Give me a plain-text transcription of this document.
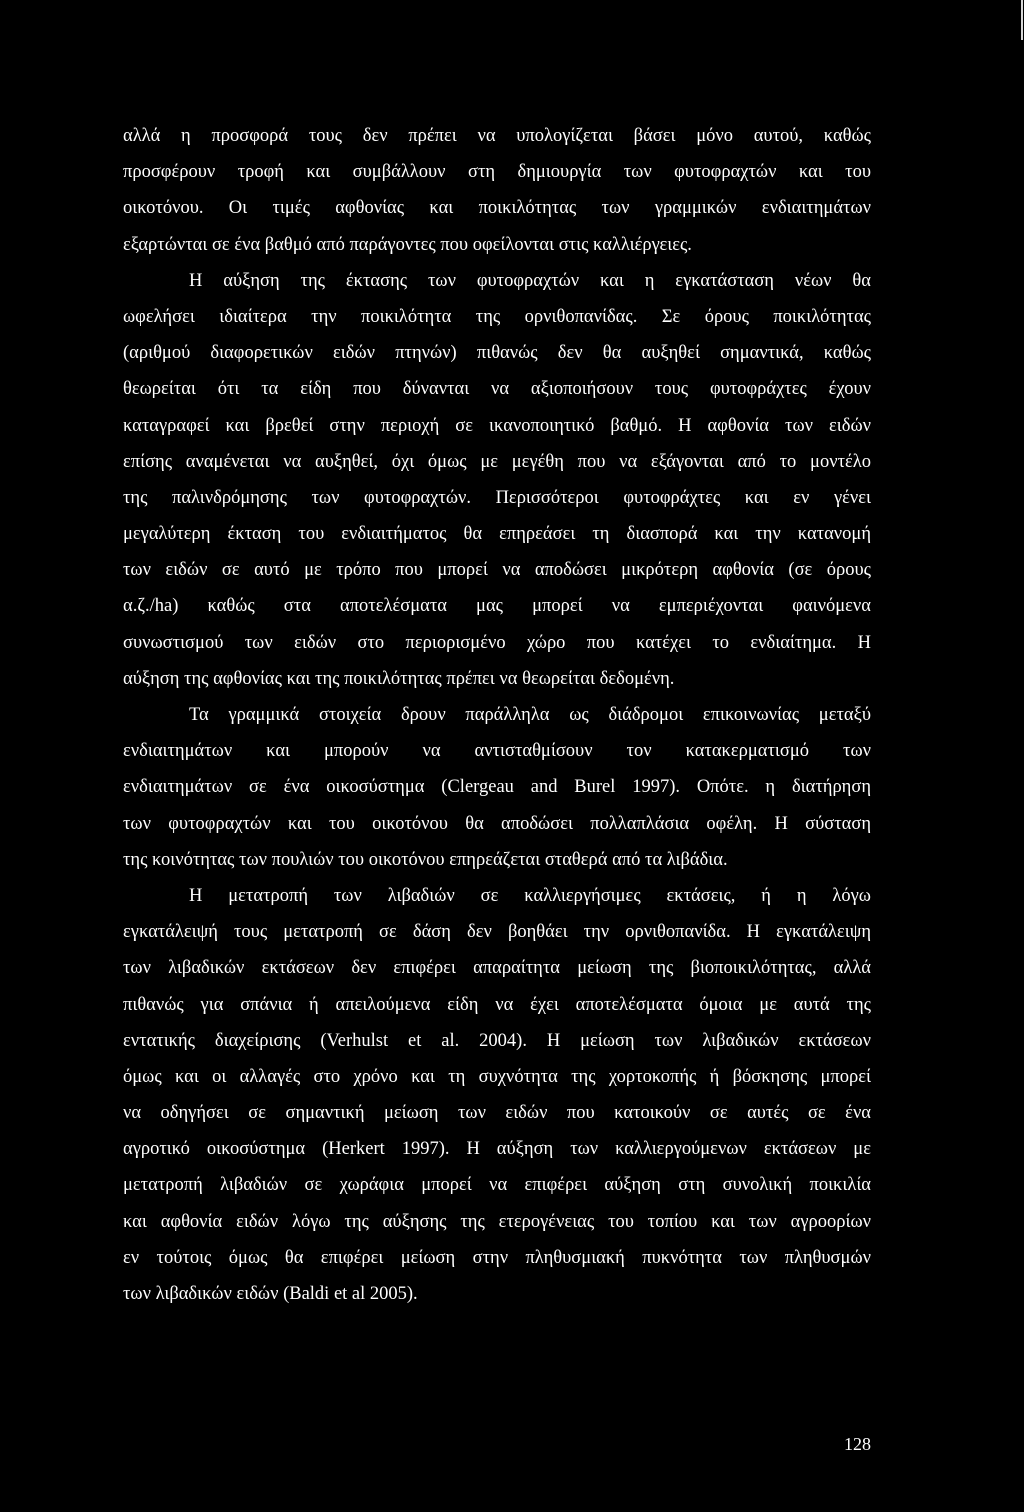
αλλά η προσφορά τους δεν πρέπει να υπολογίζεται βάσει μόνο αυτού, καθώς
προσφέρουν τροφή και συμβάλλουν στη δημιουργία των φυτοφραχτών και του
οικοτόνου. Οι τιμές αφθονίας και ποικιλότητας των γραμμικών ενδιαιτημάτων
εξαρτώνται σε ένα βαθμό από παράγοντες που οφείλονται στις καλλιέργειες.
Η αύξηση της έκτασης των φυτοφραχτών και η εγκατάσταση νέων θα
ωφελήσει ιδιαίτερα την ποικιλότητα της ορνιθοπανίδας. Σε όρους ποικιλότητας
(αριθμού διαφορετικών ειδών πτηνών) πιθανώς δεν θα αυξηθεί σημαντικά, καθώς
θεωρείται ότι τα είδη που δύνανται να αξιοποιήσουν τους φυτοφράχτες έχουν
καταγραφεί και βρεθεί στην περιοχή σε ικανοποιητικό βαθμό. Η αφθονία των ειδών
επίσης αναμένεται να αυξηθεί, όχι όμως με μεγέθη που να εξάγονται από το μοντέλο
της παλινδρόμησης των φυτοφραχτών. Περισσότεροι φυτοφράχτες και εν γένει
μεγαλύτερη έκταση του ενδιαιτήματος θα επηρεάσει τη διασπορά και την κατανομή
των ειδών σε αυτό με τρόπο που μπορεί να αποδώσει μικρότερη αφθονία (σε όρους
α.ζ./ha) καθώς στα αποτελέσματα μας μπορεί να εμπεριέχονται φαινόμενα
συνωστισμού των ειδών στο περιορισμένο χώρο που κατέχει το ενδιαίτημα. Η
αύξηση της αφθονίας και της ποικιλότητας πρέπει να θεωρείται δεδομένη.
Τα γραμμικά στοιχεία δρουν παράλληλα ως διάδρομοι επικοινωνίας μεταξύ
ενδιαιτημάτων και μπορούν να αντισταθμίσουν τον κατακερματισμό των
ενδιαιτημάτων σε ένα οικοσύστημα (Clergeau and Burel 1997). Οπότε. η διατήρηση
των φυτοφραχτών και του οικοτόνου θα αποδώσει πολλαπλάσια οφέλη. Η σύσταση
της κοινότητας των πουλιών του οικοτόνου επηρεάζεται σταθερά από τα λιβάδια.
Η μετατροπή των λιβαδιών σε καλλιεργήσιμες εκτάσεις, ή η λόγω
εγκατάλειψή τους μετατροπή σε δάση δεν βοηθάει την ορνιθοπανίδα. Η εγκατάλειψη
των λιβαδικών εκτάσεων δεν επιφέρει απαραίτητα μείωση της βιοποικιλότητας, αλλά
πιθανώς για σπάνια ή απειλούμενα είδη να έχει αποτελέσματα όμοια με αυτά της
εντατικής διαχείρισης (Verhulst et al. 2004). Η μείωση των λιβαδικών εκτάσεων
όμως και οι αλλαγές στο χρόνο και τη συχνότητα της χορτοκοπής ή βόσκησης μπορεί
να οδηγήσει σε σημαντική μείωση των ειδών που κατοικούν σε αυτές σε ένα
αγροτικό οικοσύστημα (Herkert 1997). Η αύξηση των καλλιεργούμενων εκτάσεων με
μετατροπή λιβαδιών σε χωράφια μπορεί να επιφέρει αύξηση στη συνολική ποικιλία
και αφθονία ειδών λόγω της αύξησης της ετερογένειας του τοπίου και των αγροορίων
εν τούτοις όμως θα επιφέρει μείωση στην πληθυσμιακή πυκνότητα των πληθυσμών
των λιβαδικών ειδών (Baldi et al 2005).
128
